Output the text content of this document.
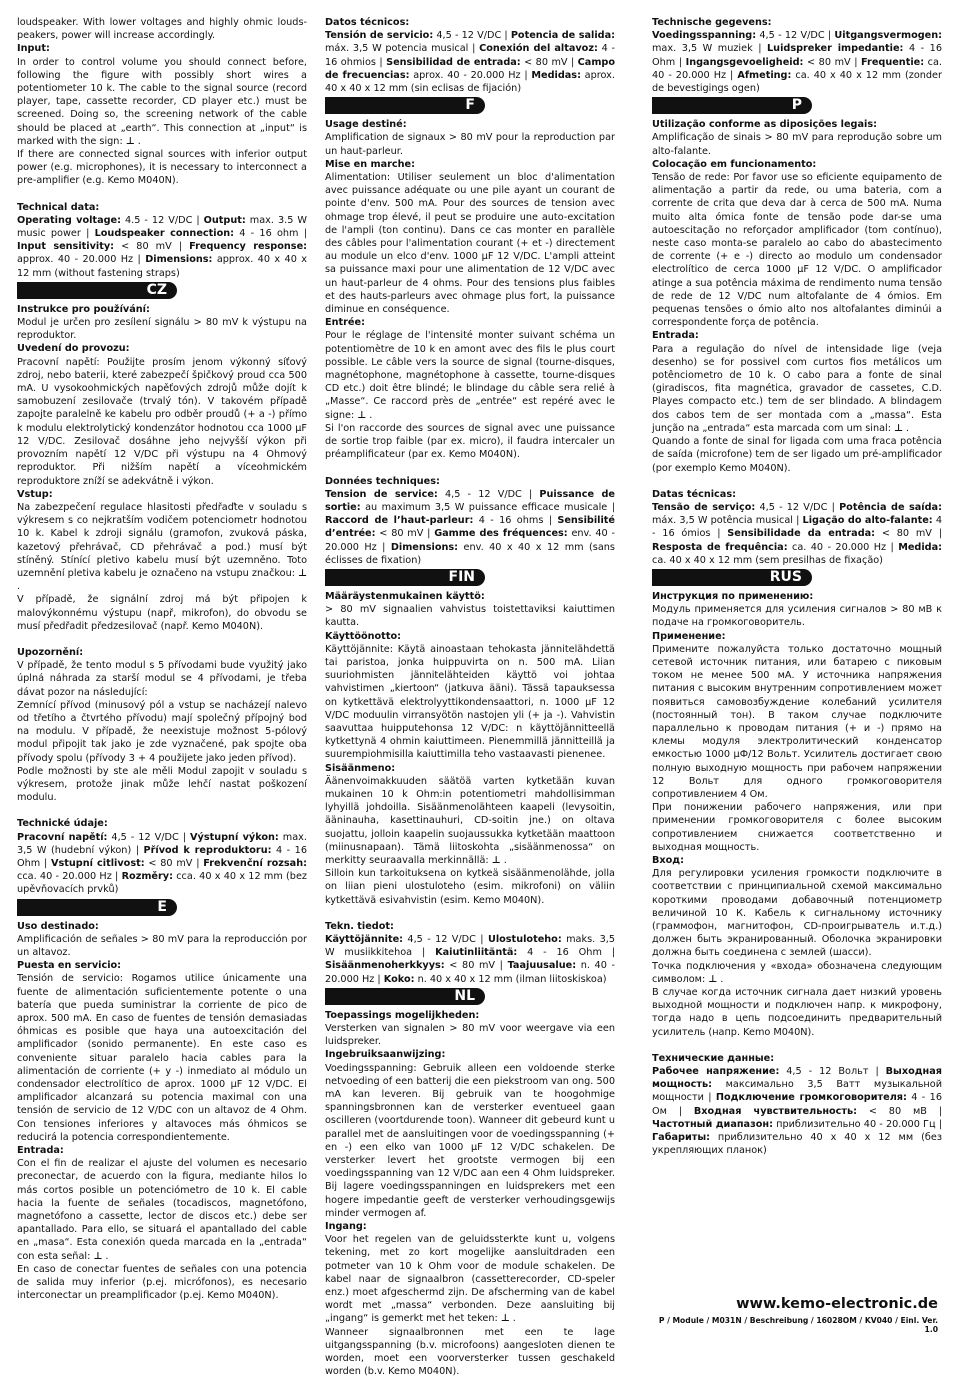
loudspeaker. With lower voltages and highly ohmic louds-peakers, power will increase accordingly.

Input:

In order to control volume you should connect before, following the figure with possibly short wires a potentiometer 10 k. The cable to the signal source (record player, tape, cassette recorder, CD player etc.) must be screened. Doing so, the screening network of the cable should be placed at „earth“. This connection at „input“ is marked with the sign: ⊥ .

If there are connected signal sources with inferior output power (e.g. microphones), it is necessary to interconnect a pre-amplifier (e.g. Kemo M040N).

Technical data:

Operating voltage: 4.5 - 12 V/DC | Output: max. 3.5 W music power | Loudspeaker connection: 4 - 16 ohm | Input sensitivity: < 80 mV | Frequency response: approx. 40 - 20.000 Hz | Dimensions: approx. 40 x 40 x 12 mm (without fastening straps)

CZ

Instrukce pro používání:

Modul je určen pro zesílení signálu > 80 mV k výstupu na reproduktor.

Uvedení do provozu:

Pracovní napětí: Použijte prosím jenom výkonný síťový zdroj, nebo baterii, které zabezpečí špičkový proud cca 500 mA. U vysokoohmických napěťových zdrojů může dojít k samobuzení zesilovače (trvalý tón). V takovém případě zapojte paralelně ke kabelu pro odběr proudů (+ a -) přímo k modulu elektrolytický kondenzátor hodnotou cca 1000 µF 12 V/DC. Zesilovač dosáhne jeho nejvyšší výkon při provozním napětí 12 V/DC při výstupu na 4 Ohmový reproduktor. Při nižším napětí a víceohmickém reproduktore zníží se adekvátně i výkon.

Vstup:

Na zabezpečení regulace hlasitosti předřaďte v souladu s výkresem s co nejkratším vodičem potenciometr hodnotou 10 k. Kabel k zdroji signálu (gramofon, zvuková páska, kazetový přehrávač, CD přehrávač a pod.) musí být stíněný. Stínící pletivo kabelu musí být uzemněno. Toto uzemnění pletiva kabelu je označeno na vstupu značkou: ⊥ .

V případě, že signální zdroj má být připojen k malovýkonnému výstupu (např, mikrofon), do obvodu se musí předřadit předzesilovač (např. Kemo M040N).

Upozornění:

V případě, že tento modul s 5 přívodami bude využitý jako úplná náhrada za starší modul se 4 přívodami, je třeba dávat pozor na následující:

Zemnící přívod (minusový pól a vstup se nacházejí nalevo od třetího a čtvrtého přívodu) mají společný přípojný bod na modulu. V případě, že neexistuje možnost 5-pólový modul připojit tak jako je zde vyznačené, pak spojte oba přívody spolu (přívody 3 + 4 použijete jako jeden přívod).

Podle možnosti by ste ale měli Modul zapojit v souladu s výkresem, protože jinak může lehčí nastat poškození modulu.

Technické údaje:

Pracovní napětí: 4,5 - 12 V/DC | Výstupní výkon: max. 3,5 W (hudební výkon) | Přívod k reproduktoru: 4 - 16 Ohm | Vstupní citlivost: < 80 mV | Frekvenční rozsah: cca. 40 - 20.000 Hz | Rozměry: cca. 40 x 40 x 12 mm (bez upěvňovacích prvků)

E

Uso destinado:

Amplificación de señales > 80 mV para la reproducción por un altavoz.

Puesta en servicio:

Tensión de servicio: Rogamos utilice únicamente una fuente de alimentación suficientemente potente o una batería que pueda suministrar la corriente de pico de aprox. 500 mA. En caso de fuentes de tensión demasiadas óhmicas es posible que haya una autoexcitación del amplificador (sonido permanente). En este caso es conveniente situar paralelo hacia cables para la alimentación de corriente (+ y -) inmediato al módulo un condensador electrolítico de aprox. 1000 µF 12 V/DC. El amplificador alcanzará su potencia maximal con una tensión de servicio de 12 V/DC con un altavoz de 4 Ohm. Con tensiones inferiores y altavoces más óhmicos se reducirá la potencia correspondientemente.

Entrada:

Con el fin de realizar el ajuste del volumen es necesario preconectar, de acuerdo con la figura, mediante hilos lo más cortos posible un potenciómetro de 10 k. El cable hacia la fuente de señales (tocadiscos, magnetófono, magnetófono a cassette, lector de discos etc.) debe ser apantallado. Para ello, se situará el apantallado del cable en „masa“. Esta conexión queda marcada en la „entrada“ con esta señal: ⊥ .

En caso de conectar fuentes de señales con una potencia de salida muy inferior (p.ej. micrófonos), es necesario interconectar un preamplificador (p.ej. Kemo M040N).

Datos técnicos:

Tensión de servicio: 4,5 - 12 V/DC | Potencia de salida: máx. 3,5 W potencia musical | Conexión del altavoz: 4 - 16 ohmios | Sensibilidad de entrada: < 80 mV | Campo de frecuencias: aprox. 40 - 20.000 Hz | Medidas: aprox. 40 x 40 x 12 mm (sin eclisas de fijación)

F

Usage destiné:

Amplification de signaux > 80 mV pour la reproduction par un haut-parleur.

Mise en marche:

Alimentation: Utiliser seulement un bloc d'alimentation avec puissance adéquate ou une pile ayant un courant de pointe d'env. 500 mA. Pour des sources de tension avec ohmage trop élevé, il peut se produire une auto-excitation de l'ampli (ton continu). Dans ce cas monter en parallèle des câbles pour l'alimentation courant (+ et -) directement au module un elco d'env. 1000 µF 12 V/DC. L'ampli atteint sa puissance maxi pour une alimentation de 12 V/DC avec un haut-parleur de 4 ohms. Pour des tensions plus faibles et des hauts-parleurs avec ohmage plus fort, la puissance diminue en conséquence.

Entrée:

Pour le réglage de l'intensité monter suivant schéma un potentiomètre de 10 k en amont avec des fils le plus court possible. Le câble vers la source de signal (tourne-disques, magnétophone, magnétophone à cassette, tourne-disques CD etc.) doit être blindé; le blindage du câble sera relié à „Masse“. Ce raccord près de „entrée“ est repéré avec le signe: ⊥ .

Si l'on raccorde des sources de signal avec une puissance de sortie trop faible (par ex. micro), il faudra intercaler un préamplificateur (par ex. Kemo M040N).

Données techniques:

Tension de service: 4,5 - 12 V/DC | Puissance de sortie: au maximum 3,5 W puissance efficace musicale | Raccord de l’haut-parleur: 4 - 16 ohms | Sensibilité d’entrée: < 80 mV | Gamme des fréquences: env. 40 - 20.000 Hz | Dimensions: env. 40 x 40 x 12 mm (sans éclisses de fixation)

FIN

Määräystenmukainen käyttö:

> 80 mV signaalien vahvistus toistettaviksi kaiuttimen kautta.

Käyttöönotto:

Käyttöjännite: Käytä ainoastaan tehokasta jännitelähdettä tai paristoa, jonka huippuvirta on n. 500 mA. Liian suuriohmisten jännitelähteiden käyttö voi johtaa vahvistimen „kiertoon“ (jatkuva ääni). Tässä tapauksessa on kytkettävä elektrolyyttikondensaattori, n. 1000 µF 12 V/DC moduulin virransyötön nastojen yli (+ ja -). Vahvistin saavuttaa huipputehonsa 12 V/DC: n käyttöjännitteellä kytkettynä 4 ohmin kaiuttimeen. Pienemmillä jännitteillä ja suurempiohmisilla kaiuttimilla teho vastaavasti pienenee.

Sisäänmeno:

Äänenvoimakkuuden säätöä varten kytketään kuvan mukainen 10 k Ohm:in potentiometri mahdollisimman lyhyillä johdoilla. Sisäänmenolähteen kaapeli (levysoitin, ääninauha, kasettinauhuri, CD-soitin jne.) on oltava suojattu, jolloin kaapelin suojaussukka kytketään maattoon (miinusnapaan). Tämä liitoskohta „sisäänmenossa“ on merkitty seuraavalla merkinnällä: ⊥ .

Silloin kun tarkoituksena on kytkeä sisäänmenolähde, jolla on liian pieni ulostuloteho (esim. mikrofoni) on väliin kytkettävä esivahvistin (esim. Kemo M040N).

Tekn. tiedot:

Käyttöjännite: 4,5 - 12 V/DC | Ulostuloteho: maks. 3,5 W musiikkitehoa | Kaiutinliitäntä: 4 - 16 Ohm | Sisäänmenoherkkyys: < 80 mV | Taajuusalue: n. 40 - 20.000 Hz | Koko: n. 40 x 40 x 12 mm (ilman liitoskiskoa)

NL

Toepassings mogelijkheden:

Versterken van signalen > 80 mV voor weergave via een luidspreker.

Ingebruiksaanwijzing:

Voedingsspanning: Gebruik alleen een voldoende sterke netvoeding of een batterij die een piekstroom van ong. 500 mA kan leveren. Bij gebruik van te hoogohmige spanningsbronnen kan de versterker eventueel gaan oscilleren (voortdurende toon). Wanneer dit gebeurd kunt u parallel met de aansluitingen voor de voedingsspanning (+ en -) een elko van 1000 µF 12 V/DC schakelen. De versterker levert het grootste vermogen bij een voedingsspanning van 12 V/DC aan een 4 Ohm luidspreker. Bij lagere voedingsspanningen en luidsprekers met een hogere impedantie geeft de versterker verhoudingsgewijs minder vermogen af.

Ingang:

Voor het regelen van de geluidssterkte kunt u, volgens tekening, met zo kort mogelijke aansluitdraden een potmeter van 10 k Ohm voor de module schakelen. De kabel naar de signaalbron (cassetterecorder, CD-speler enz.) moet afgeschermd zijn. De afscherming van de kabel wordt met „massa“ verbonden. Deze aansluiting bij „ingang“ is gemerkt met het teken: ⊥ .

Wanneer signaalbronnen met een te lage uitgangsspanning (b.v. microfoons) aangesloten dienen te worden, moet een voorversterker tussen geschakeld worden (b.v. Kemo M040N).

Technische gegevens:

Voedingsspanning: 4,5 - 12 V/DC | Uitgangsvermogen: max. 3,5 W muziek | Luidspreker impedantie: 4 - 16 Ohm | Ingangsgevoeligheid: < 80 mV | Frequentie: ca. 40 - 20.000 Hz | Afmeting: ca. 40 x 40 x 12 mm (zonder de bevestigings ogen)

P

Utilização conforme as diposições legais:

Amplificação de sinais > 80 mV para reprodução sobre um alto-falante.

Colocação em funcionamento:

Tensão de rede: Por favor use so eficiente equipamento de alimentação a partir da rede, ou uma bateria, com a corrente de crita que deva dar à cerca de 500 mA. Numa muito alta ómica fonte de tensão pode dar-se uma autoescitação no reforçador amplificador (tom contínuo), neste caso monta-se paralelo ao cabo do abastecimento de corrente (+ e -) directo ao modulo um condensador electrolítico de cerca 1000 µF 12 V/DC. O amplificador atinge a sua potência máxima de rendimento numa tensão de rede de 12 V/DC num altofalante de 4 ómios. Em pequenas tensões o ómio alto nos altofalantes diminúi a correspondente força de potência.

Entrada:

Para a regulação do nível de intensidade lige (veja desenho) se for possivel com curtos fios metálicos um potênciometro de 10 k. O cabo para a fonte de sinal (giradiscos, fita magnética, gravador de cassetes, C.D. Playes compacto etc.) tem de ser blindado. A blindagem dos cabos tem de ser montada com a „massa“. Esta junção na „entrada“ esta marcada com um sinal: ⊥ .

Quando a fonte de sinal for ligada com uma fraca potência de saída (microfone) tem de ser ligado um pré-amplificador (por exemplo Kemo M040N).

Datas técnicas:

Tensão de serviço: 4,5 - 12 V/DC | Potência de saída: máx. 3,5 W potência musical | Ligação do alto-falante: 4 - 16 ómios | Sensibilidade da entrada: < 80 mV | Resposta de frequência: ca. 40 - 20.000 Hz | Medida: ca. 40 x 40 x 12 mm (sem presilhas de fixação)

RUS

Инструкция по применению:

Модуль применяется для усиления сигналов > 80 мВ к подаче на громкоговоритель.

Применение:

Примените пожалуйста только достаточно мощный сетевой источник питания, или батарею с пиковым током не менее 500 мА. У источника напряжения питания с высоким внутренним сопротивлением может появиться самовозбуждение колебаний усилителя (постоянный тон). В таком случае подключите параллельно к проводам питания (+ и -) прямо на клемы модуля электролитический конденсатор емкостью 1000 µФ/12 Вольт. Усилитель достигает свою полную выходную мощность при рабочем напряжении 12 Вольт для одного громкоговорителя сопротивлением 4 Ом.

При понижении рабочего напряжения, или при применении громкоговорителя с более высоким сопротивлением снижается соответственно и выходная мощность.

Вход:

Для регулировки усиления громкости подключите в соответствии с принципиальной схемой максимально короткими проводами добавочный потенциометр величиной 10 К. Кабель к сигнальному источнику (граммофон, магнитофон, CD-проигрыватель и.т.д.) должен быть экранированный. Оболочка экранировки должна быть соединена с землей (шасси).

Точка подключения у «входа» обозначена следующим символом: ⊥ .

В случае когда источник сигнала дает низкий уровень выходной мощности и подключен напр. к микрофону, тогда надо в цепь подсоединить предварительный усилитель (напр. Kemo M040N).

Технические данные:

Рабочее напряжение: 4,5 - 12 Вольт | Выходная мощность: максимально 3,5 Ватт музыкальной мощности | Подключение громкоговорителя: 4 - 16 Ом | Входная чувствительность: < 80 мВ | Частотный диапазон: приблизительно 40 - 20.000 Гц | Габариты: приблизительно 40 x 40 x 12 мм (без укрепляющих планок)

www.kemo-electronic.de
P / Module / M031N / Beschreibung / 16028OM / KV040 / Einl. Ver. 1.0
